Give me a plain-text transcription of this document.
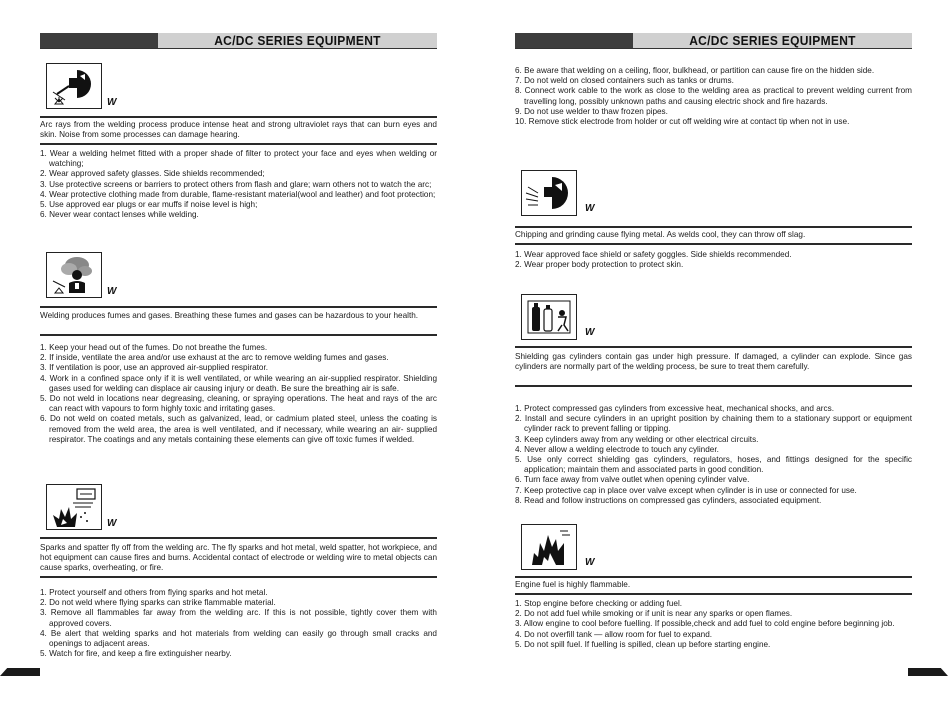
AC/DC SERIES EQUIPMENT
W

Arc rays from the welding process produce intense heat and strong ultraviolet rays that can burn eyes and skin. Noise from some processes can damage hearing.

1. Wear a welding helmet fitted with a proper shade of filter to protect your face and eyes when welding or watching;
2. Wear approved safety glasses. Side shields recommended;
3. Use protective screens or barriers to protect others from flash and glare; warn others not to watch the arc;
4. Wear protective clothing made from durable, flame-resistant material(wool and leather) and foot protection;
5. Use approved ear plugs or ear muffs if noise level is high;
6. Never wear contact lenses while welding.
W

Welding produces fumes and gases. Breathing these fumes and gases can be hazardous to your health.

1. Keep your head out of the fumes. Do not breathe the fumes.
2. If inside, ventilate the area and/or use exhaust at the arc to remove welding fumes and gases.
3. If ventilation is poor, use an approved air-supplied respirator.
4. Work in a confined space only if it is well ventilated, or while wearing an air-supplied respirator. Shielding gases used for welding can displace air causing injury or death. Be sure the breathing air is safe.
5. Do not weld in locations near degreasing, cleaning, or spraying operations. The heat and rays of the arc can react with vapours to form highly toxic and irritating gases.
6. Do not weld on coated metals, such as galvanized, lead, or cadmium plated steel, unless the coating is removed from the weld area, the area is well ventilated, and if necessary, while wearing an air- supplied respirator. The coatings and any metals containing these elements can give off toxic fumes if welded.
W

Sparks and spatter fly off from the welding arc. The fly sparks and hot metal, weld spatter, hot workpiece, and hot equipment can cause fires and burns. Accidental contact of electrode or welding wire to metal objects can cause sparks, overheating, or fire.

1. Protect yourself and others from flying sparks and hot metal.
2. Do not weld where flying sparks can strike flammable material.
3. Remove all flammables far away from the welding arc. If this is not possible, tightly cover them with approved covers.
4. Be alert that welding sparks and hot materials from welding can easily go through small cracks and openings to adjacent areas.
5. Watch for fire, and keep a fire extinguisher nearby.
AC/DC SERIES EQUIPMENT
6. Be aware that welding on a ceiling, floor, bulkhead, or partition can cause fire on the hidden side.
7. Do not weld on closed containers such as tanks or drums.
8. Connect work cable to the work as close to the welding area as practical to prevent welding current from travelling long, possibly unknown paths and causing electric shock and fire hazards.
9. Do not use welder to thaw frozen pipes.
10. Remove stick electrode from holder or cut off welding wire at contact tip when not in use.
W

Chipping and grinding cause flying metal. As welds cool, they can throw off slag.

1. Wear approved face shield or safety goggles. Side shields recommended.
2. Wear proper body protection to protect skin.
W

Shielding gas cylinders contain gas under high pressure. If damaged, a cylinder can explode. Since gas cylinders are normally part of the welding process, be sure to treat them carefully.

1. Protect compressed gas cylinders from excessive heat, mechanical shocks, and arcs.
2. Install and secure cylinders in an upright position by chaining them to a stationary support or equipment cylinder rack to prevent falling or tipping.
3. Keep cylinders away from any welding or other electrical circuits.
4. Never allow a welding electrode to touch any cylinder.
5. Use only correct shielding gas cylinders, regulators, hoses, and fittings designed for the specific application; maintain them and associated parts in good condition.
6. Turn face away from valve outlet when opening cylinder valve.
7. Keep protective cap in place over valve except when cylinder is in use or connected for use.
8. Read and follow instructions on compressed gas cylinders, associated equipment.
W

Engine fuel is highly flammable.

1. Stop engine before checking or adding fuel.
2. Do not add fuel while smoking or if unit is near any sparks or open flames.
3. Allow engine to cool before fuelling. If possible,check and add fuel to cold engine before beginning job.
4. Do not overfill tank — allow room for fuel to expand.
5. Do not spill fuel. If fuelling is spilled, clean up before starting engine.
